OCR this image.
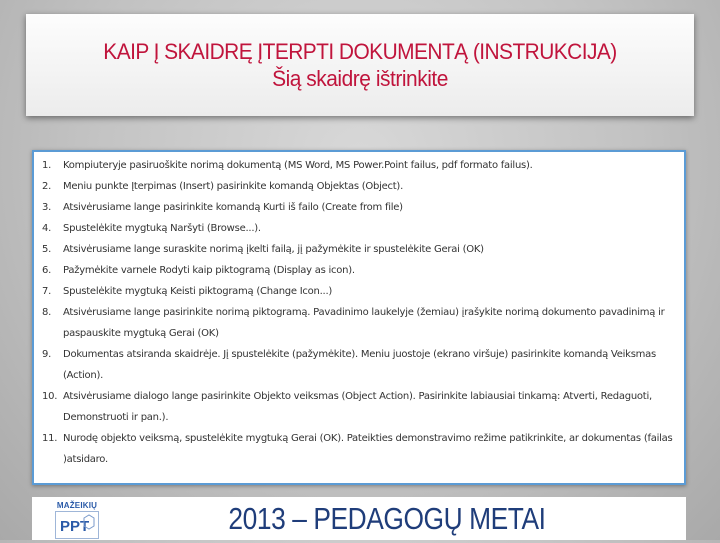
KAIP Į SKAIDRĘ ĮTERPTI DOKUMENTĄ (INSTRUKCIJA)
Šią skaidrę ištrinkite
1.	Kompiuteryje pasiruoškite norimą dokumentą (MS Word, MS Power.Point failus, pdf formato failus).
2.	Meniu punkte Įterpimas (Insert) pasirinkite komandą Objektas (Object).
3.	Atsivėrusiame lange pasirinkite komandą Kurti iš failo (Create from file)
4.	Spustelėkite mygtuką Naršyti (Browse...).
5.	Atsivėrusiame lange suraskite norimą įkelti failą, jį pažymėkite ir spustelėkite Gerai (OK)
6.	Pažymėkite varnele Rodyti kaip piktogramą (Display as icon).
7.	Spustelėkite mygtuką Keisti piktogramą (Change Icon...)
8.	Atsivėrusiame lange pasirinkite norimą piktogramą. Pavadinimo laukelyje (žemiau) įrašykite norimą dokumento pavadinimą ir paspauskite mygtuką Gerai (OK)
9.	Dokumentas atsiranda skaidrėje. Jį spustelėkite (pažymėkite). Meniu juostoje (ekrano viršuje) pasirinkite komandą Veiksmas (Action).
10. Atsivėrusiame dialogo lange pasirinkite Objekto veiksmas (Object Action). Pasirinkite labiausiai tinkamą: Atverti, Redaguoti, Demonstruoti ir pan.).
11. Nurodę objekto veiksmą, spustelėkite mygtuką Gerai (OK). Pateikties demonstravimo režime patikrinkite, ar dokumentas (failas )atsidaro.
MAŽEIKIŲ
PPT	2013 – PEDAGOGŲ METAI
